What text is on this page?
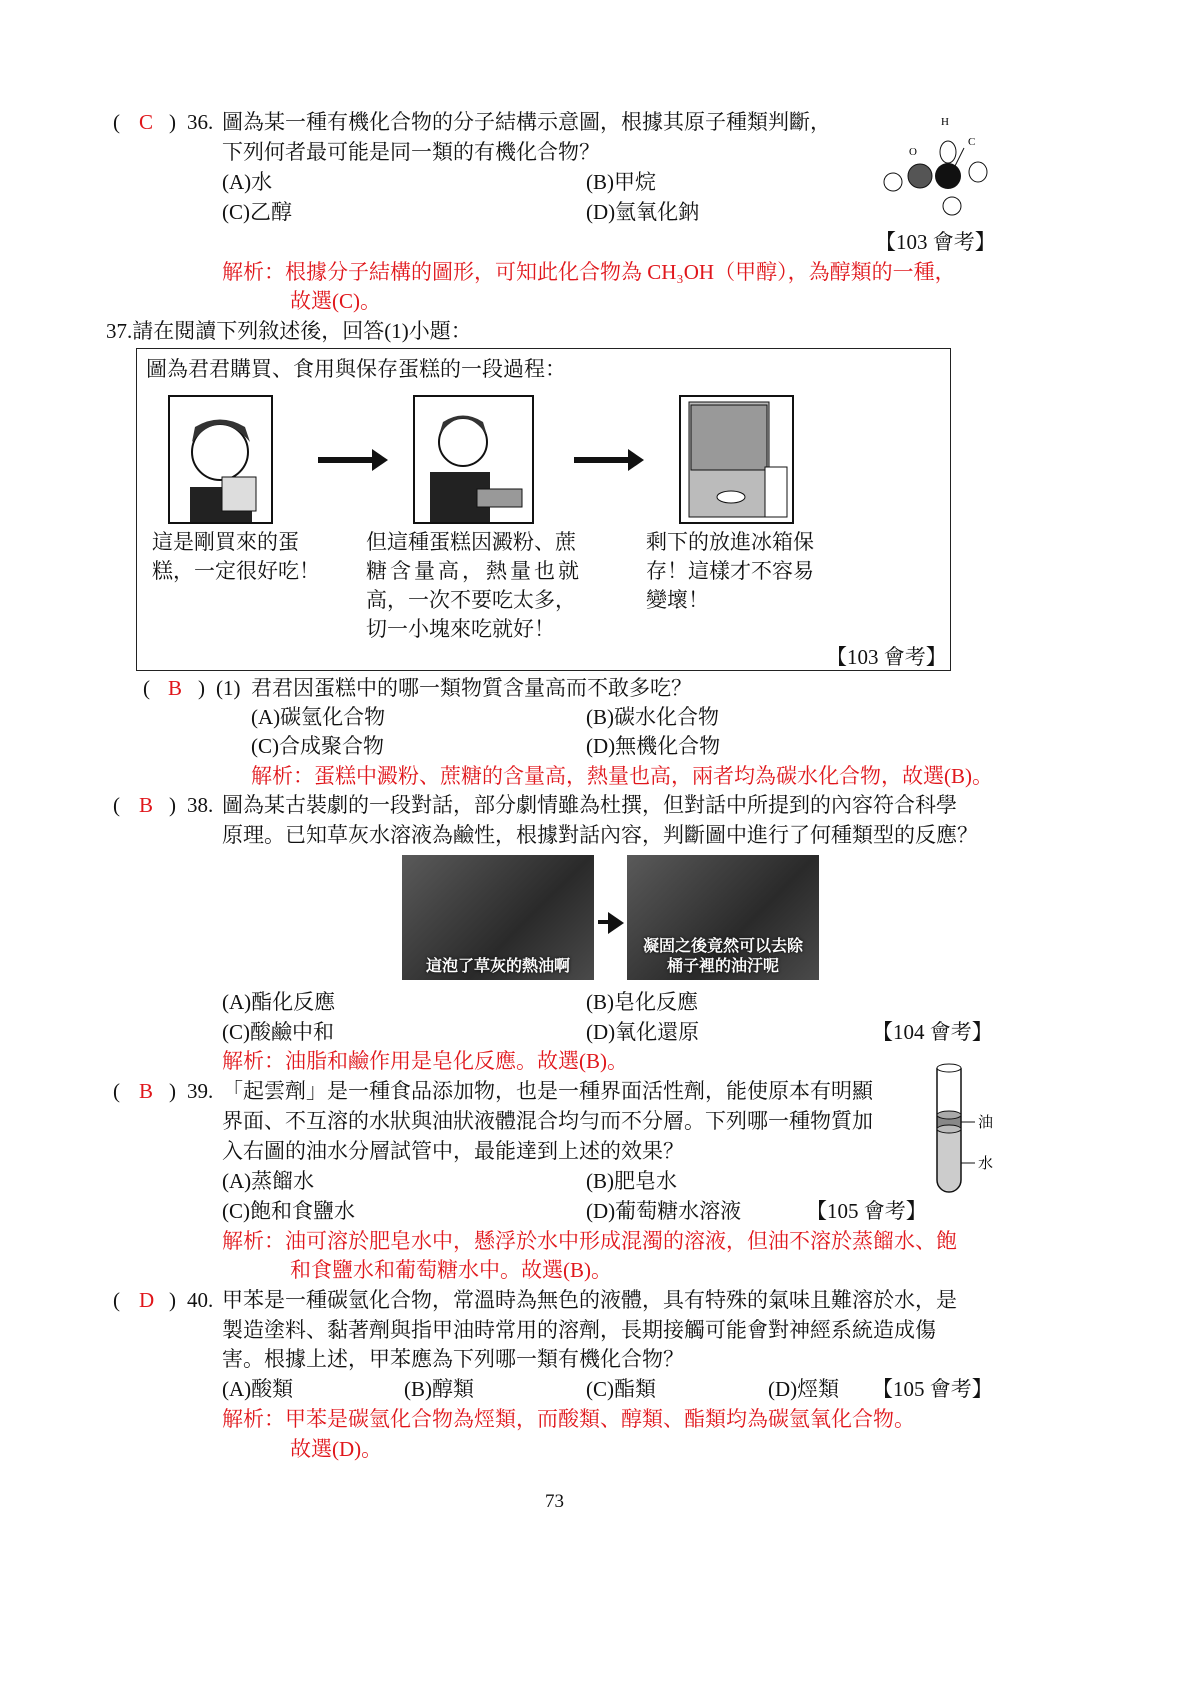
( C ) 36. 圖為某一種有機化合物的分子結構示意圖，根據其原子種類判斷，
下列何者最可能是同一類的有機化合物？
(A)水	(B)甲烷
(C)乙醇	(D)氫氧化鈉
【103 會考】
解析：根據分子結構的圖形，可知此化合物為 CH₃OH（甲醇），為醇類的一種，
故選(C)。
H
C
O
37.請在閱讀下列敘述後，回答(1)小題：
圖為君君購買、食用與保存蛋糕的一段過程：
這是剛買來的蛋
糕，一定很好吃！
但這種蛋糕因澱粉、蔗
糖含量高，熱量也就
高，一次不要吃太多，
切一小塊來吃就好！
剩下的放進冰箱保
存！這樣才不容易
變壞！
【103 會考】
( B ) (1) 君君因蛋糕中的哪一類物質含量高而不敢多吃？
(A)碳氫化合物	(B)碳水化合物
(C)合成聚合物	(D)無機化合物
解析：蛋糕中澱粉、蔗糖的含量高，熱量也高，兩者均為碳水化合物，故選(B)。
( B ) 38. 圖為某古裝劇的一段對話，部分劇情雖為杜撰，但對話中所提到的內容符合科學
原理。已知草灰水溶液為鹼性，根據對話內容，判斷圖中進行了何種類型的反應？
這泡了草灰的熱油啊
凝固之後竟然可以去除
桶子裡的油汙呢
(A)酯化反應	(B)皂化反應
(C)酸鹼中和	(D)氧化還原	【104 會考】
解析：油脂和鹼作用是皂化反應。故選(B)。
( B ) 39. 「起雲劑」是一種食品添加物，也是一種界面活性劑，能使原本有明顯
界面、不互溶的水狀與油狀液體混合均勻而不分層。下列哪一種物質加
入右圖的油水分層試管中，最能達到上述的效果？
(A)蒸餾水	(B)肥皂水
(C)飽和食鹽水	(D)葡萄糖水溶液	【105 會考】
油
水
解析：油可溶於肥皂水中，懸浮於水中形成混濁的溶液，但油不溶於蒸餾水、飽
和食鹽水和葡萄糖水中。故選(B)。
( D ) 40. 甲苯是一種碳氫化合物，常溫時為無色的液體，具有特殊的氣味且難溶於水，是
製造塗料、黏著劑與指甲油時常用的溶劑，長期接觸可能會對神經系統造成傷
害。根據上述，甲苯應為下列哪一類有機化合物？
(A)酸類	(B)醇類	(C)酯類	(D)烴類 【105 會考】
解析：甲苯是碳氫化合物為烴類，而酸類、醇類、酯類均為碳氫氧化合物。
故選(D)。
73
